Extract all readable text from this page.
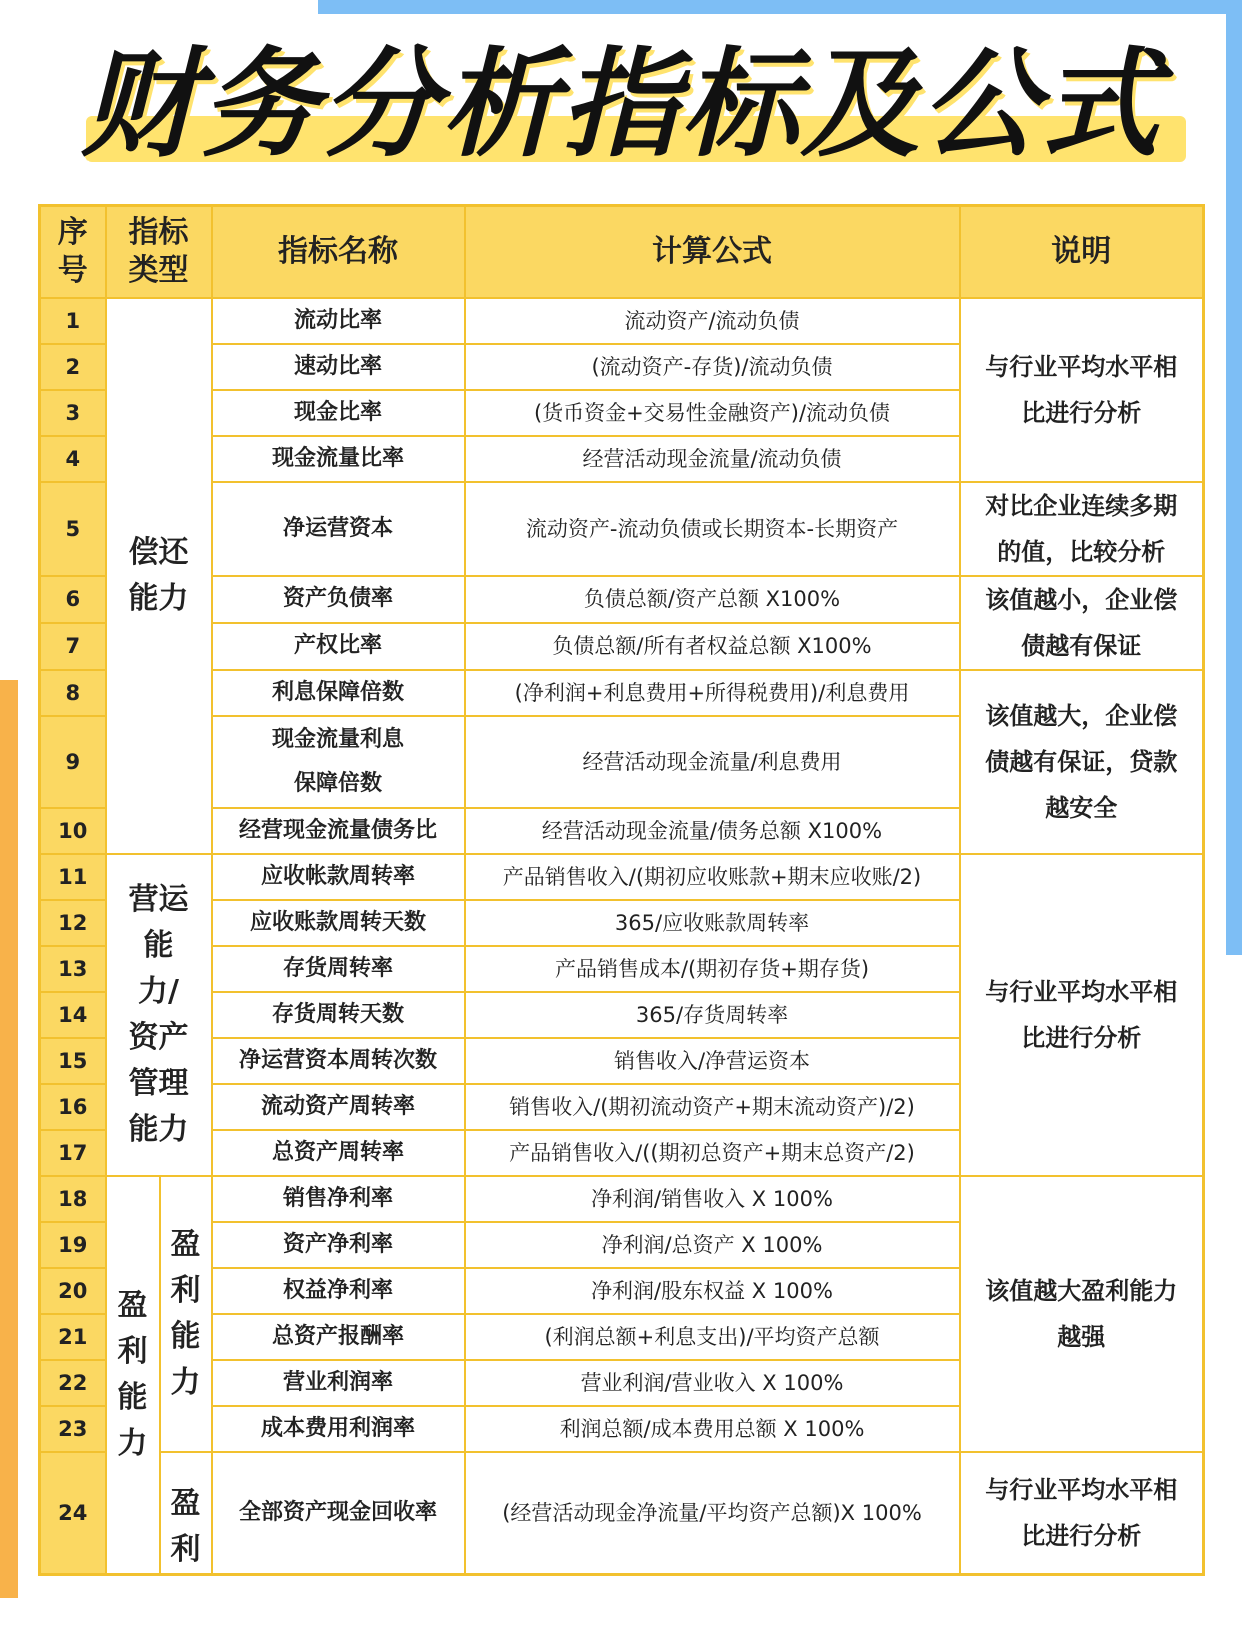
财务分析指标及公式
序号	指标类型		指标名称	计算公式	说明
1	偿还能力		流动比率	流动资产/流动负债	与行业平均水平相比进行分析
2			速动比率	(流动资产-存货)/流动负债	
3			现金比率	(货币资金+交易性金融资产)/流动负债	
4			现金流量比率	经营活动现金流量/流动负债	
5			净运营资本	流动资产-流动负债或长期资本-长期资产	对比企业连续多期的值，比较分析
6			资产负债率	负债总额/资产总额 X100%	该值越小，企业偿债越有保证
7			产权比率	负债总额/所有者权益总额 X100%	
8			利息保障倍数	(净利润+利息费用+所得税费用)/利息费用	该值越大，企业偿债越有保证，贷款越安全
9			现金流量利息保障倍数	经营活动现金流量/利息费用	
10			经营现金流量债务比	经营活动现金流量/债务总额 X100%	
11	营运能力/资产管理能力		应收帐款周转率	产品销售收入/(期初应收账款+期末应收账/2)	与行业平均水平相比进行分析
12			应收账款周转天数	365/应收账款周转率	
13			存货周转率	产品销售成本/(期初存货+期存货)	
14			存货周转天数	365/存货周转率	
15			净运营资本周转次数	销售收入/净营运资本	
16			流动资产周转率	销售收入/(期初流动资产+期末流动资产)/2)	
17			总资产周转率	产品销售收入/((期初总资产+期末总资产/2)	
18	盈利能力	盈利能力	销售净利率	净利润/销售收入 X 100%	该值越大盈利能力越强
19			资产净利率	净利润/总资产 X 100%	
20			权益净利率	净利润/股东权益 X 100%	
21			总资产报酬率	(利润总额+利息支出)/平均资产总额	
22			营业利润率	营业利润/营业收入 X 100%	
23			成本费用利润率	利润总额/成本费用总额 X 100%	
24		盈利	全部资产现金回收率	(经营活动现金净流量/平均资产总额)X 100%	与行业平均水平相比进行分析
